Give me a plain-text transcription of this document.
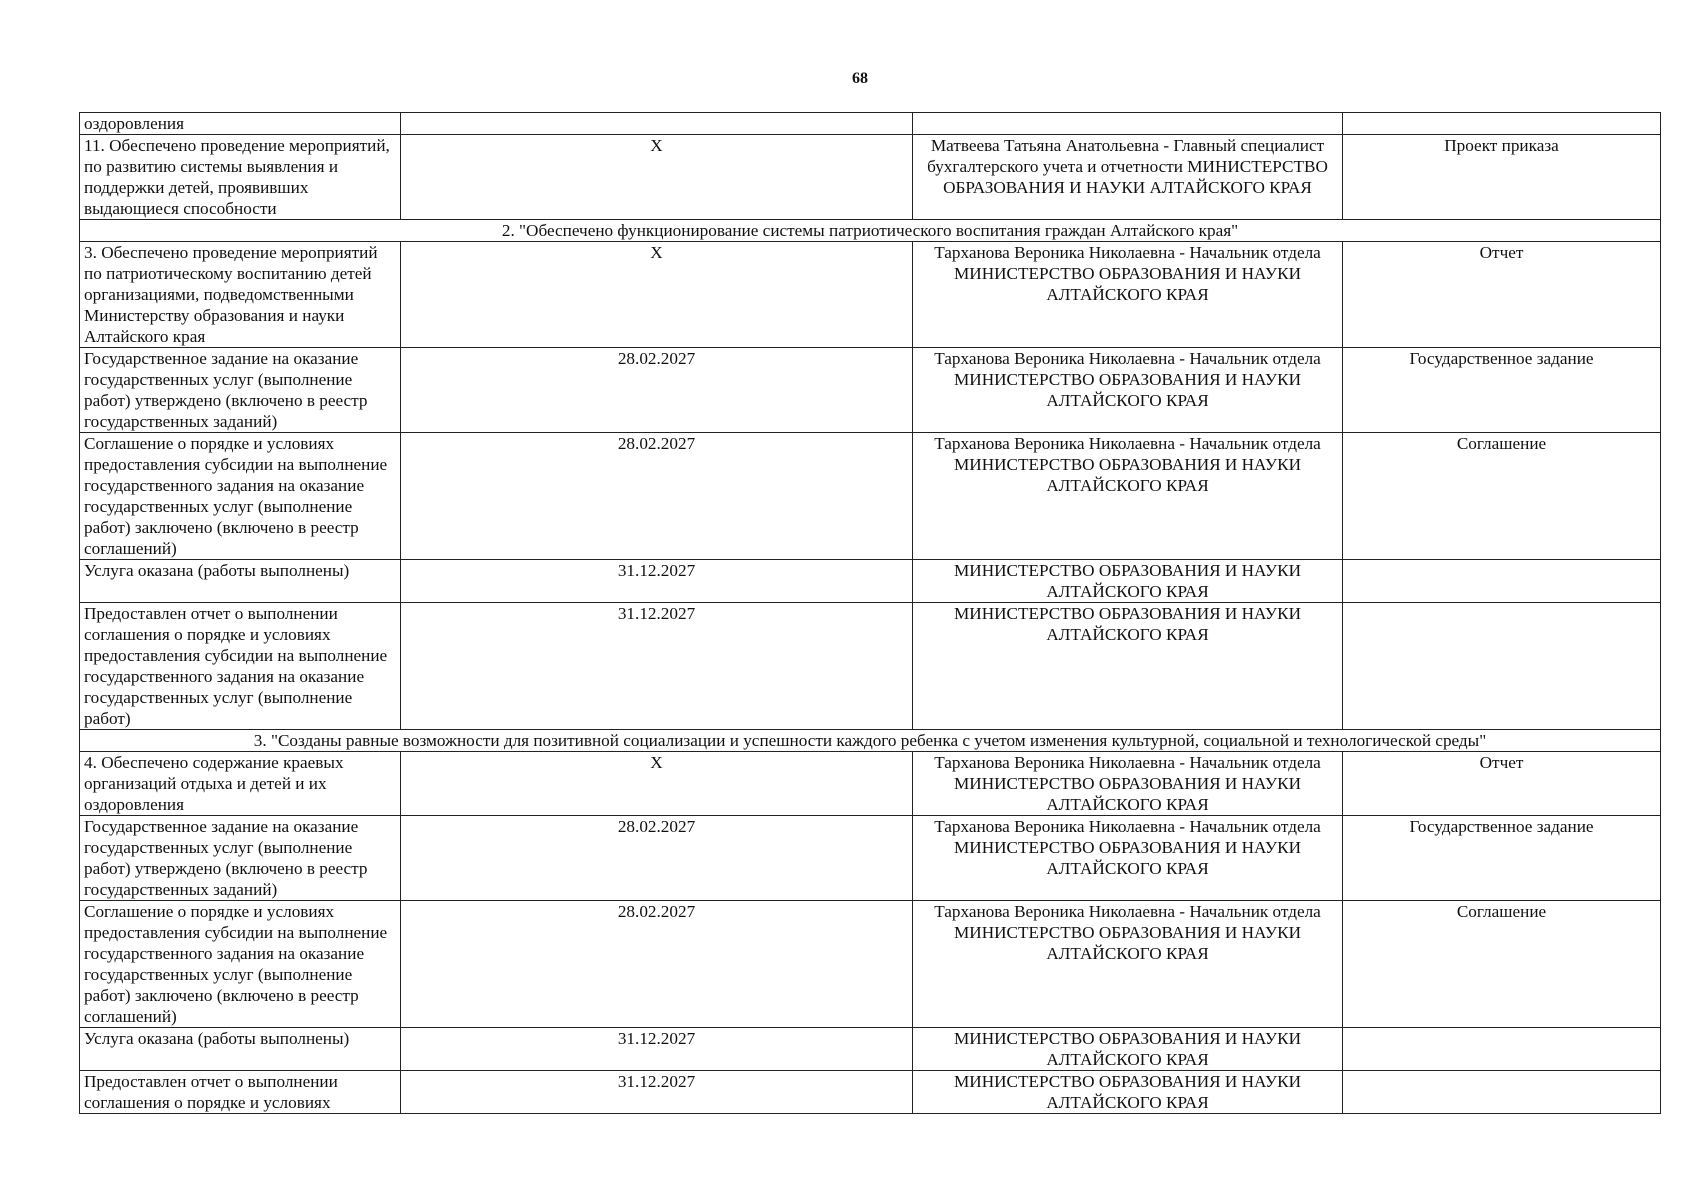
68
оздоровления			
11. Обеспечено проведение мероприятий, по развитию системы выявления и поддержки детей, проявивших выдающиеся способности	X	Матвеева Татьяна Анатольевна - Главный специалист бухгалтерского учета и отчетности МИНИСТЕРСТВО ОБРАЗОВАНИЯ И НАУКИ АЛТАЙСКОГО КРАЯ	Проект приказа
2. "Обеспечено функционирование системы патриотического воспитания граждан Алтайского края"			
3. Обеспечено проведение мероприятий по патриотическому воспитанию детей организациями, подведомственными Министерству образования и науки Алтайского края	X	Тарханова Вероника Николаевна - Начальник отдела МИНИСТЕРСТВО ОБРАЗОВАНИЯ И НАУКИ АЛТАЙСКОГО КРАЯ	Отчет
Государственное задание на оказание государственных услуг (выполнение работ) утверждено (включено в реестр государственных заданий)	28.02.2027	Тарханова Вероника Николаевна - Начальник отдела МИНИСТЕРСТВО ОБРАЗОВАНИЯ И НАУКИ АЛТАЙСКОГО КРАЯ	Государственное задание
Соглашение о порядке и условиях предоставления субсидии на выполнение государственного задания на оказание государственных услуг (выполнение работ) заключено (включено в реестр соглашений)	28.02.2027	Тарханова Вероника Николаевна - Начальник отдела МИНИСТЕРСТВО ОБРАЗОВАНИЯ И НАУКИ АЛТАЙСКОГО КРАЯ	Соглашение
Услуга оказана (работы выполнены)	31.12.2027	МИНИСТЕРСТВО ОБРАЗОВАНИЯ И НАУКИ АЛТАЙСКОГО КРАЯ	
Предоставлен отчет о выполнении соглашения о порядке и условиях предоставления субсидии на выполнение государственного задания на оказание государственных услуг (выполнение работ)	31.12.2027	МИНИСТЕРСТВО ОБРАЗОВАНИЯ И НАУКИ АЛТАЙСКОГО КРАЯ	
3. "Созданы равные возможности для позитивной социализации и успешности каждого ребенка с учетом изменения культурной, социальной и технологической среды"			
4. Обеспечено содержание краевых организаций отдыха и детей и их оздоровления	X	Тарханова Вероника Николаевна - Начальник отдела МИНИСТЕРСТВО ОБРАЗОВАНИЯ И НАУКИ АЛТАЙСКОГО КРАЯ	Отчет
Государственное задание на оказание государственных услуг (выполнение работ) утверждено (включено в реестр государственных заданий)	28.02.2027	Тарханова Вероника Николаевна - Начальник отдела МИНИСТЕРСТВО ОБРАЗОВАНИЯ И НАУКИ АЛТАЙСКОГО КРАЯ	Государственное задание
Соглашение о порядке и условиях предоставления субсидии на выполнение государственного задания на оказание государственных услуг (выполнение работ) заключено (включено в реестр соглашений)	28.02.2027	Тарханова Вероника Николаевна - Начальник отдела МИНИСТЕРСТВО ОБРАЗОВАНИЯ И НАУКИ АЛТАЙСКОГО КРАЯ	Соглашение
Услуга оказана (работы выполнены)	31.12.2027	МИНИСТЕРСТВО ОБРАЗОВАНИЯ И НАУКИ АЛТАЙСКОГО КРАЯ	
Предоставлен отчет о выполнении соглашения о порядке и условиях	31.12.2027	МИНИСТЕРСТВО ОБРАЗОВАНИЯ И НАУКИ АЛТАЙСКОГО КРАЯ	
